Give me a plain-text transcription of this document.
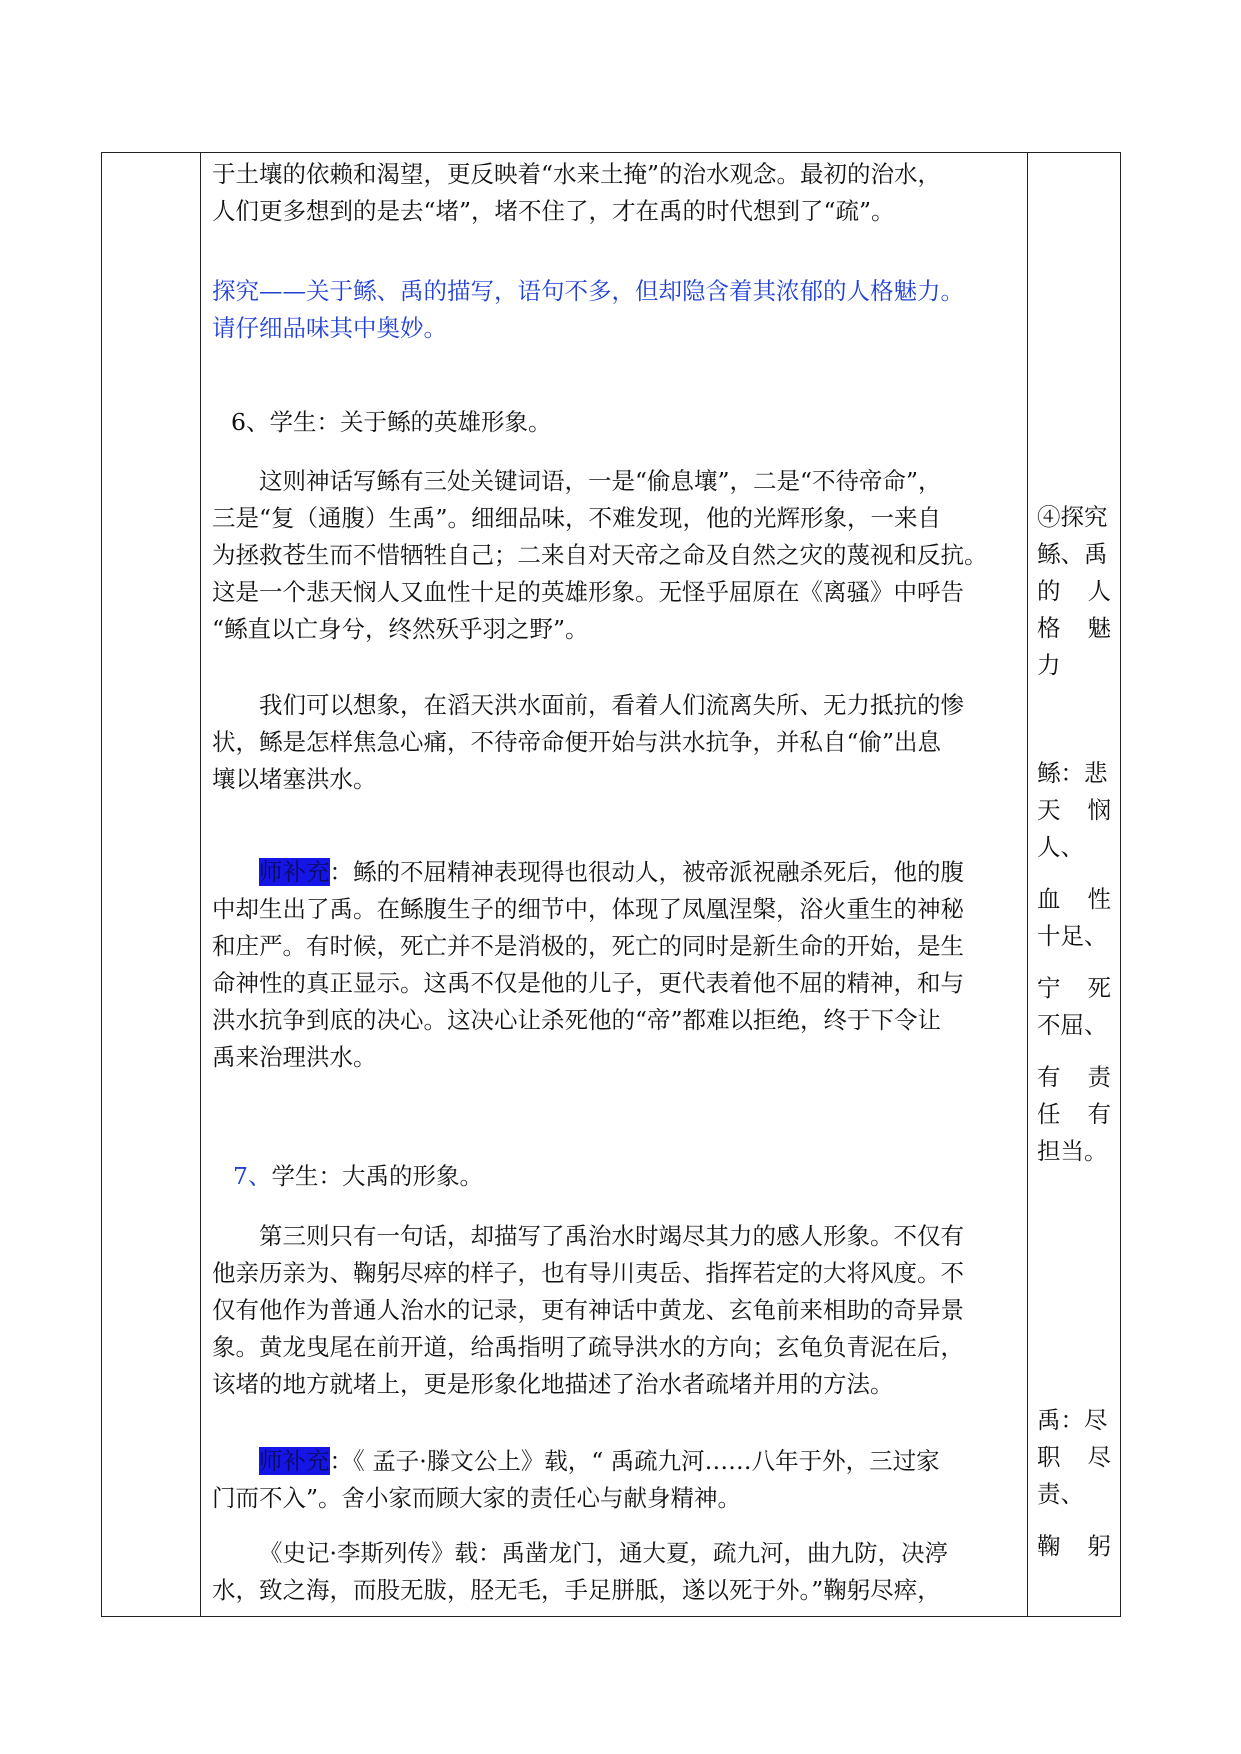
于土壤的依赖和渴望，更反映着“水来土掩”的治水观念。最初的治水，
人们更多想到的是去“堵”，堵不住了，才在禹的时代想到了“疏”。
探究——关于鲧、禹的描写，语句不多，但却隐含着其浓郁的人格魅力。
请仔细品味其中奥妙。
6、学生：关于鲧的英雄形象。
这则神话写鲧有三处关键词语，一是“偷息壤”，二是“不待帝命”，
三是“复（通腹）生禹”。细细品味，不难发现，他的光辉形象，一来自
为拯救苍生而不惜牺牲自己；二来自对天帝之命及自然之灾的蔑视和反抗。
这是一个悲天悯人又血性十足的英雄形象。无怪乎屈原在《离骚》中呼告
“鲧直以亡身兮，终然殀乎羽之野”。
我们可以想象，在滔天洪水面前，看着人们流离失所、无力抵抗的惨
状，鲧是怎样焦急心痛，不待帝命便开始与洪水抗争，并私自“偷”出息
壤以堵塞洪水。
师补充：鲧的不屈精神表现得也很动人，被帝派祝融杀死后，他的腹
中却生出了禹。在鲧腹生子的细节中，体现了凤凰涅槃，浴火重生的神秘
和庄严。有时候，死亡并不是消极的，死亡的同时是新生命的开始，是生
命神性的真正显示。这禹不仅是他的儿子，更代表着他不屈的精神，和与
洪水抗争到底的决心。这决心让杀死他的“帝”都难以拒绝，终于下令让
禹来治理洪水。
7、学生：大禹的形象。
第三则只有一句话，却描写了禹治水时竭尽其力的感人形象。不仅有
他亲历亲为、鞠躬尽瘁的样子，也有导川夷岳、指挥若定的大将风度。不
仅有他作为普通人治水的记录，更有神话中黄龙、玄龟前来相助的奇异景
象。黄龙曳尾在前开道，给禹指明了疏导洪水的方向；玄龟负青泥在后，
该堵的地方就堵上，更是形象化地描述了治水者疏堵并用的方法。
师补充：《 孟子·滕文公上》载，“ 禹疏九河……八年于外，三过家
门而不入”。舍小家而顾大家的责任心与献身精神。
《史记·李斯列传》载：禹凿龙门，通大夏，疏九河，曲九防，决渟
水，致之海，而股无胈，胫无毛，手足胼胝，遂以死于外。”鞠躬尽瘁，
④探究
鲧、禹
的 人
格 魅
力
鲧：悲
天 悯
人、
血 性
十足、
宁 死
不屈、
有 责
任 有
担当。
禹：尽
职 尽
责、
鞠 躬
